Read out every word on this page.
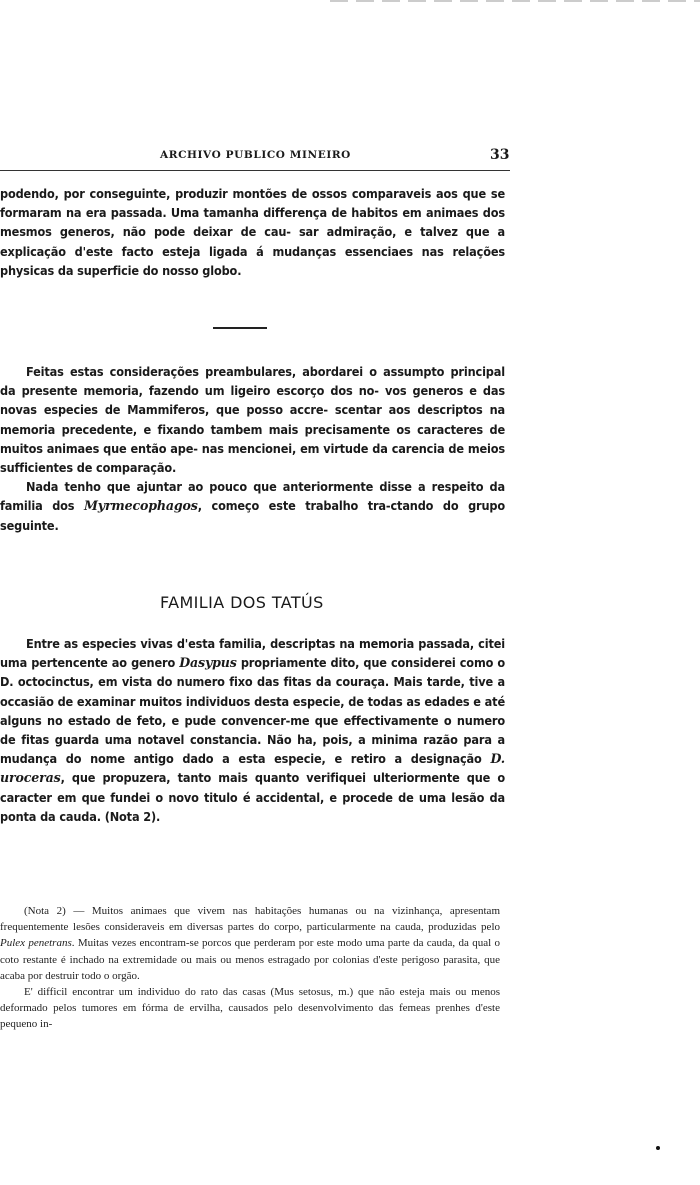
ARCHIVO PUBLICO MINEIRO	33

podendo, por conseguinte, produzir montões de ossos comparaveis aos que se formaram na era passada. Uma tamanha differença de habitos em animaes dos mesmos generos, não pode deixar de cau- sar admiração, e talvez que a explicação d'este facto esteja ligada á mudanças essenciaes nas relações physicas da superficie do nosso globo.

Feitas estas considerações preambulares, abordarei o assumpto principal da presente memoria, fazendo um ligeiro escorço dos no- vos generos e das novas especies de Mammiferos, que posso accre- scentar aos descriptos na memoria precedente, e fixando tambem mais precisamente os caracteres de muitos animaes que então ape- nas mencionei, em virtude da carencia de meios sufficientes de comparação.

Nada tenho que ajuntar ao pouco que anteriormente disse a respeito da familia dos Myrmecophagos, começo este trabalho tra-ctando do grupo seguinte.

FAMILIA DOS TATÚS

Entre as especies vivas d'esta familia, descriptas na memoria passada, citei uma pertencente ao genero Dasypus propriamente dito, que considerei como o D. octocinctus, em vista do numero fixo das fitas da couraça. Mais tarde, tive a occasião de examinar muitos individuos desta especie, de todas as edades e até alguns no estado de feto, e pude convencer-me que effectivamente o numero de fitas guarda uma notavel constancia. Não ha, pois, a minima razão para a mudança do nome antigo dado a esta especie, e retiro a designação D. uroceras, que propuzera, tanto mais quanto verifiquei ulteriormente que o caracter em que fundei o novo titulo é accidental, e procede de uma lesão da ponta da cauda. (Nota 2).

(Nota 2) — Muitos animaes que vivem nas habitações humanas ou na vizinhança, apresentam frequentemente lesões consideraveis em diversas partes do corpo, particularmente na cauda, produzidas pelo Pulex penetrans. Muitas vezes encontram-se porcos que perderam por este modo uma parte da cauda, da qual o coto restante é inchado na extremidade ou mais ou menos estragado por colonias d'este perigoso parasita, que acaba por destruir todo o orgão.

E' difficil encontrar um individuo do rato das casas (Mus setosus, m.) que não esteja mais ou menos deformado pelos tumores em fórma de ervilha, causados pelo desenvolvimento das femeas prenhes d'este pequeno in-
